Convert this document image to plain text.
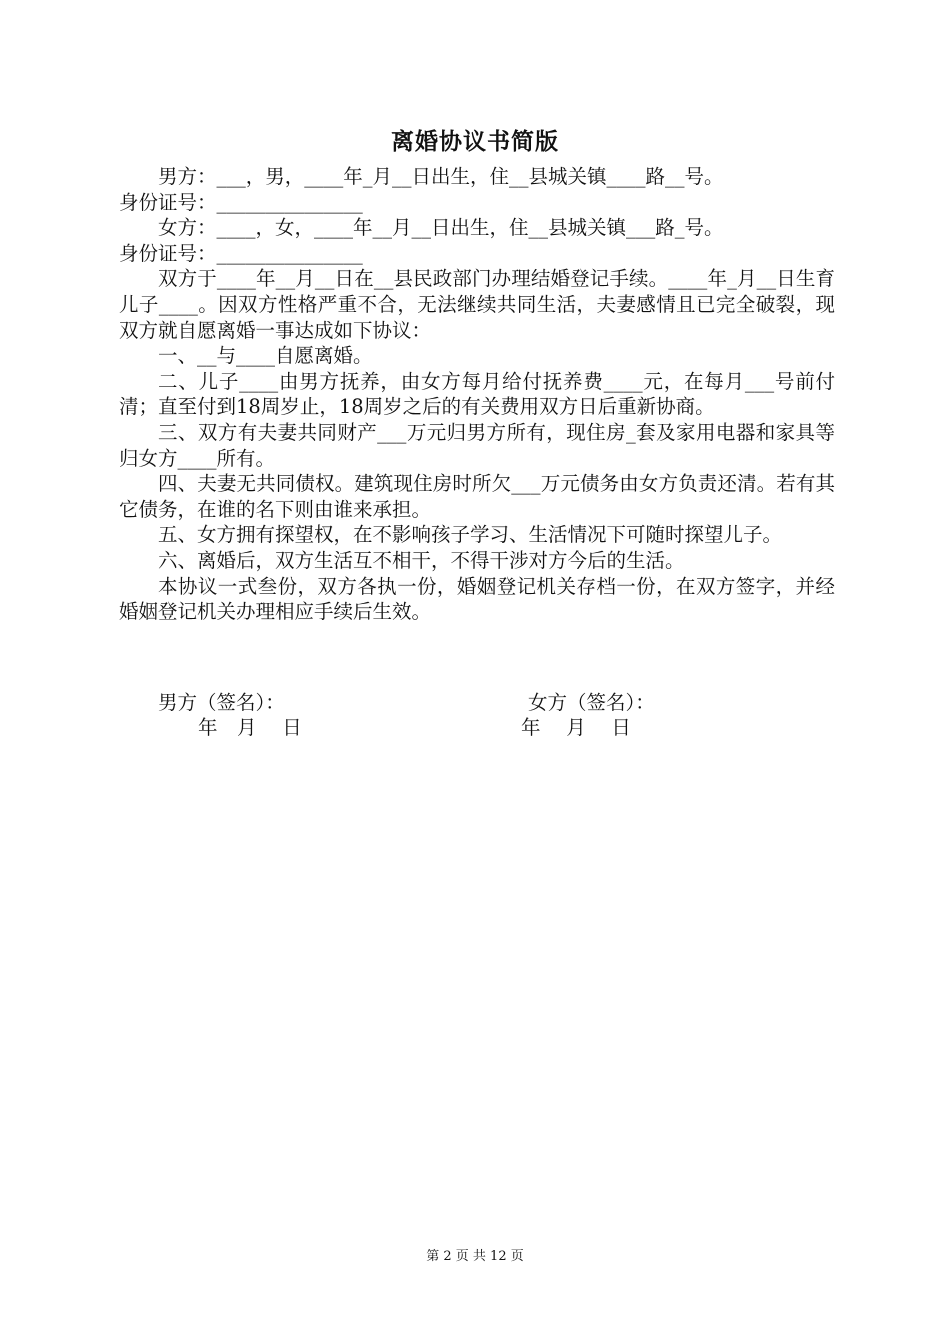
离婚协议书简版

男方：___，男，____年_月__日出生，住__县城关镇____路__号。

身份证号：_______________

女方：____，女，____年__月__日出生，住__县城关镇___路_号。

身份证号：_______________

双方于____年__月__日在__县民政部门办理结婚登记手续。____年_月__日生育儿子____。因双方性格严重不合，无法继续共同生活，夫妻感情且已完全破裂，现双方就自愿离婚一事达成如下协议：

一、__与____自愿离婚。

二、儿子____由男方抚养，由女方每月给付抚养费____元，在每月___号前付清；直至付到18周岁止，18周岁之后的有关费用双方日后重新协商。

三、双方有夫妻共同财产___万元归男方所有，现住房_套及家用电器和家具等归女方____所有。

四、夫妻无共同债权。建筑现住房时所欠___万元债务由女方负责还清。若有其它债务，在谁的名下则由谁来承担。

五、女方拥有探望权，在不影响孩子学习、生活情况下可随时探望儿子。

六、离婚后，双方生活互不相干，不得干涉对方今后的生活。

本协议一式叁份，双方各执一份，婚姻登记机关存档一份，在双方签字，并经婚姻登记机关办理相应手续后生效。

男方（签名）：
年　月　 日
女方（签名）：
年　 月　 日
第 2 页 共 12 页
